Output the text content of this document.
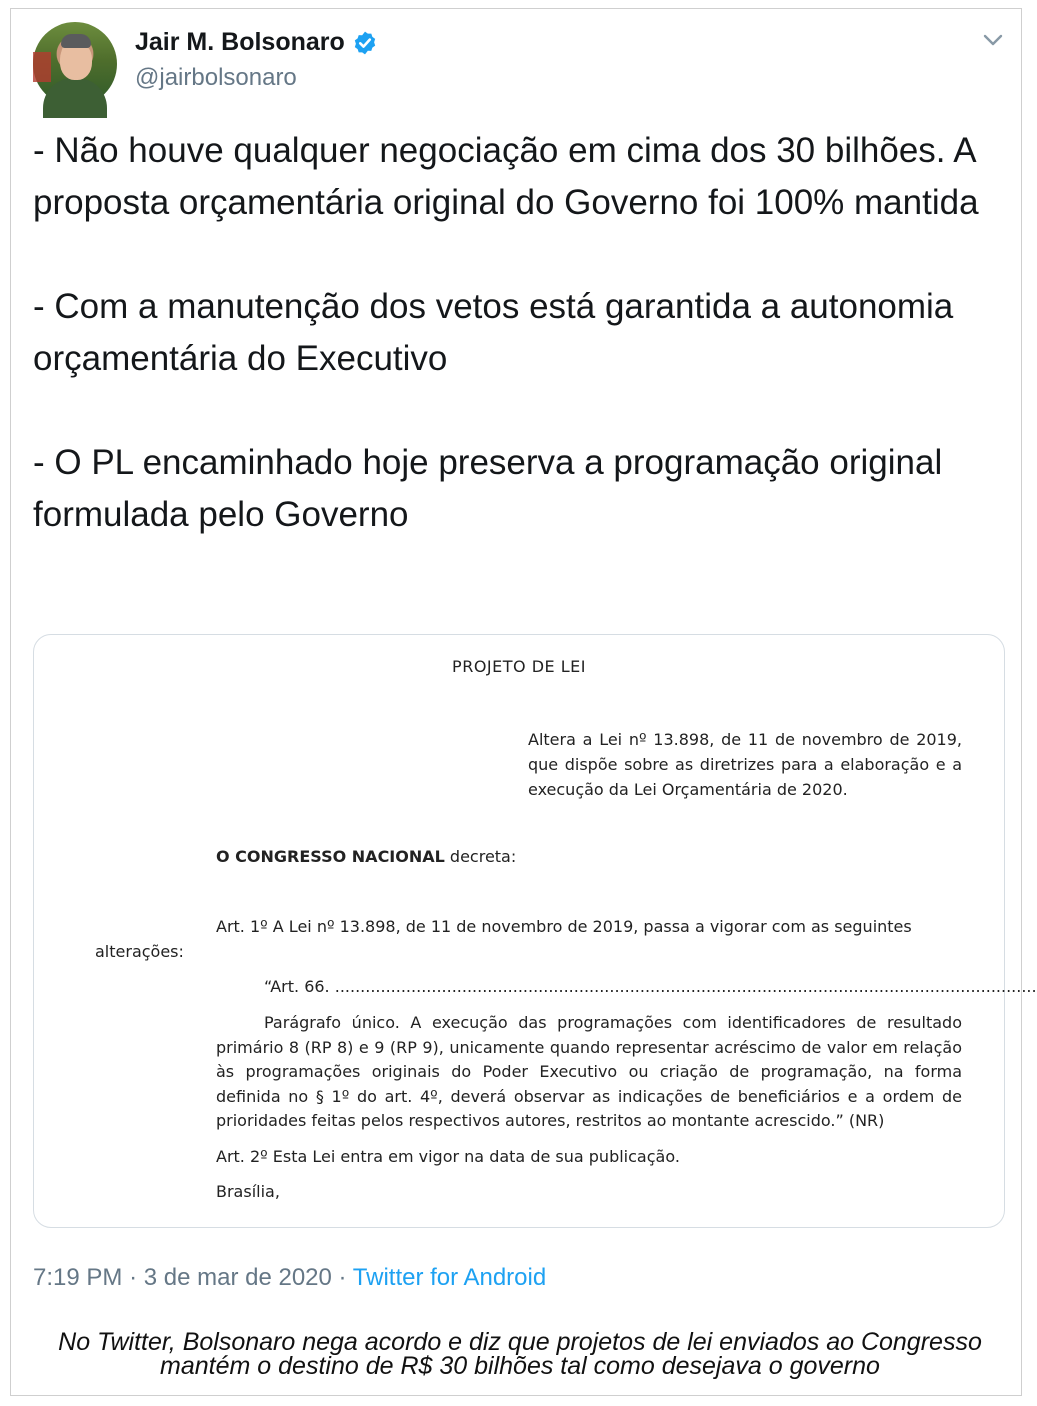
Jair M. Bolsonaro
@jairbolsonaro
- Não houve qualquer negociação em cima dos 30 bilhões. A proposta orçamentária original do Governo foi 100% mantida

- Com a manutenção dos vetos está garantida a autonomia orçamentária do Executivo

- O PL encaminhado hoje preserva a programação original formulada pelo Governo
PROJETO DE LEI
Altera a Lei nº 13.898, de 11 de novembro de 2019, que dispõe sobre as diretrizes para a elaboração e a execução da Lei Orçamentária de 2020.
O CONGRESSO NACIONAL decreta:
Art. 1º A Lei nº 13.898, de 11 de novembro de 2019, passa a vigorar com as seguintes
alterações:
“Art. 66. ..........................................................................................................................................
Parágrafo único. A execução das programações com identificadores de resultado primário 8 (RP 8) e 9 (RP 9), unicamente quando representar acréscimo de valor em relação às programações originais do Poder Executivo ou criação de programação, na forma definida no § 1º do art. 4º, deverá observar as indicações de beneficiários e a ordem de prioridades feitas pelos respectivos autores, restritos ao montante acrescido.” (NR)
Art. 2º Esta Lei entra em vigor na data de sua publicação.
Brasília,
7:19 PM · 3 de mar de 2020 · Twitter for Android
No Twitter, Bolsonaro nega acordo e diz que projetos de lei enviados ao Congresso mantém o destino de R$ 30 bilhões tal como desejava o governo
